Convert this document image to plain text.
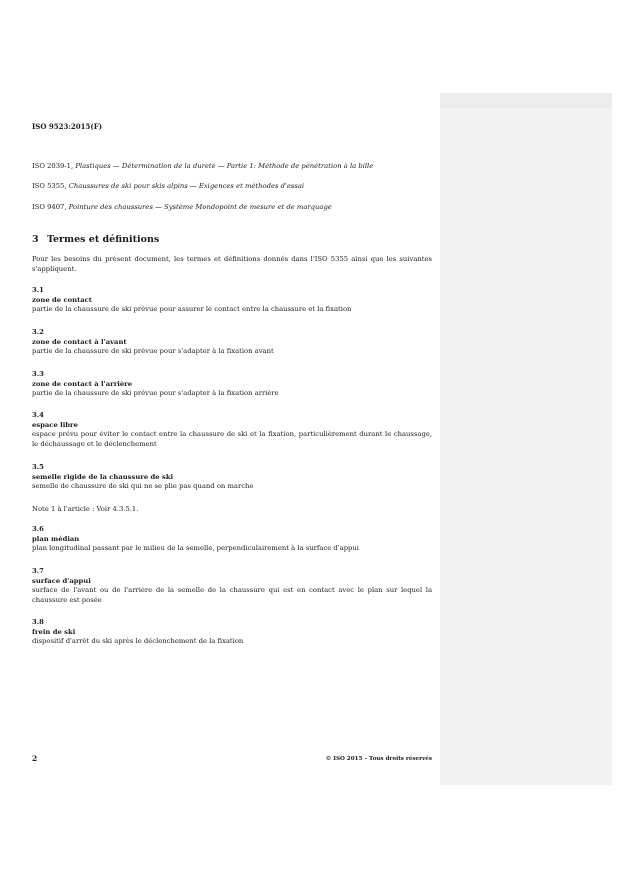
ISO 9523:2015(F)
ISO 2039-1, Plastiques — Détermination de la dureté — Partie 1: Méthode de pénétration à la bille
ISO 5355, Chaussures de ski pour skis alpins — Exigences et méthodes d'essai
ISO 9407, Pointure des chaussures — Système Mondopoint de mesure et de marquage
3 Termes et définitions
Pour les besoins du présent document, les termes et définitions donnés dans l'ISO 5355 ainsi que les suivantes s'appliquent.
3.1
zone de contact
partie de la chaussure de ski prévue pour assurer le contact entre la chaussure et la fixation
3.2
zone de contact à l'avant
partie de la chaussure de ski prévue pour s'adapter à la fixation avant
3.3
zone de contact à l'arrière
partie de la chaussure de ski prévue pour s'adapter à la fixation arrière
3.4
espace libre
espace prévu pour éviter le contact entre la chaussure de ski et la fixation, particulièrement durant le chaussage, le déchaussage et le déclenchement
3.5
semelle rigide de la chaussure de ski
semelle de chaussure de ski qui ne se plie pas quand on marche
Note 1 à l'article : Voir 4.3.5.1.
3.6
plan médian
plan longitudinal passant par le milieu de la semelle, perpendiculairement à la surface d'appui
3.7
surface d'appui
surface de l'avant ou de l'arrière de la semelle de la chaussure qui est en contact avec le plan sur lequel la chaussure est posée
3.8
frein de ski
dispositif d'arrêt du ski après le déclenchement de la fixation
2	© ISO 2015 – Tous droits réservés
